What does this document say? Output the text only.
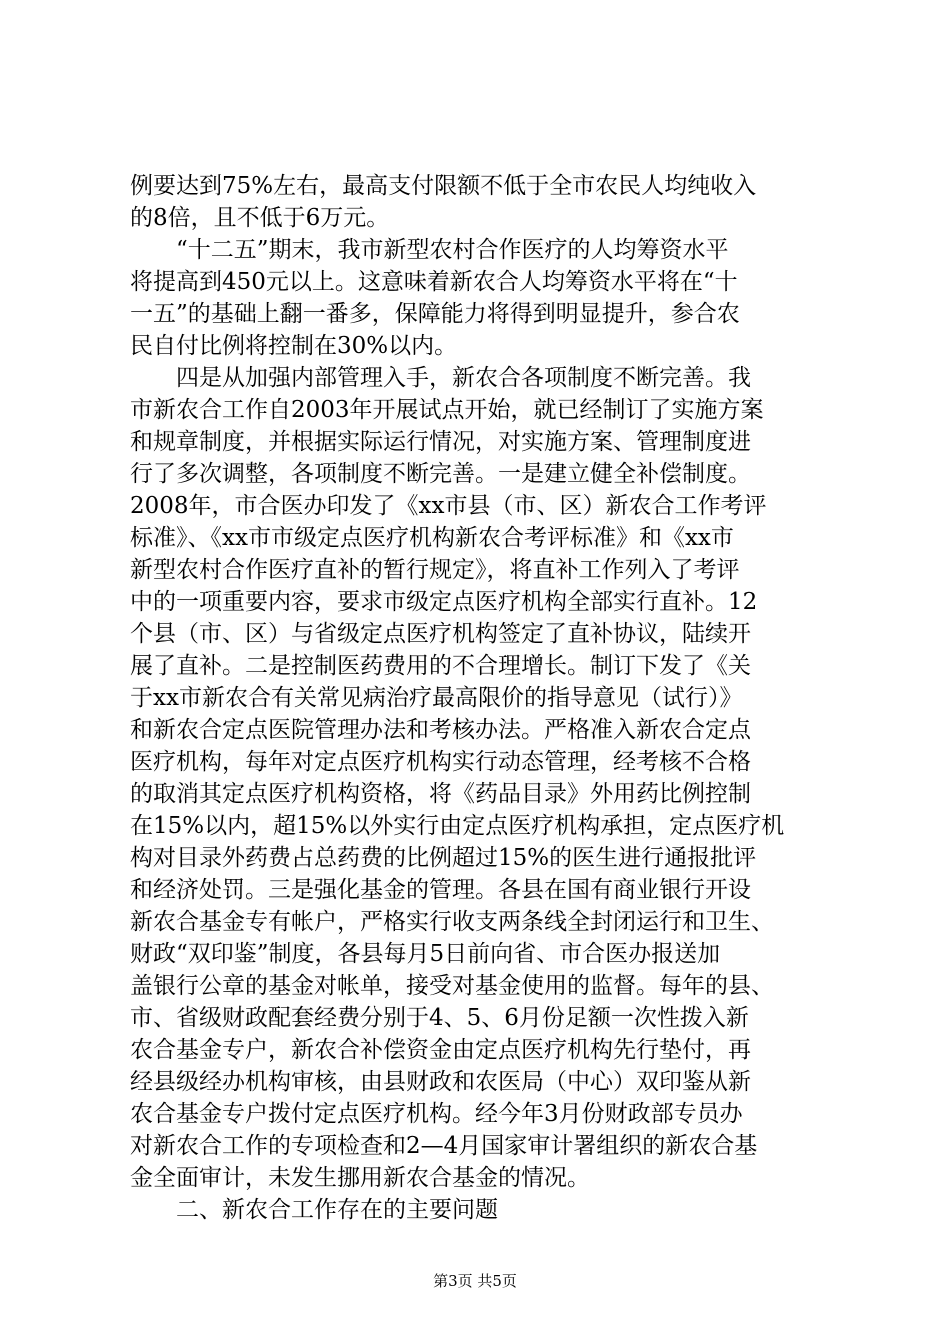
例要达到75%左右，最高支付限额不低于全市农民人均纯收入
的8倍，且不低于6万元。
“十二五”期末，我市新型农村合作医疗的人均筹资水平
将提高到450元以上。这意味着新农合人均筹资水平将在“十
一五”的基础上翻一番多，保障能力将得到明显提升，参合农
民自付比例将控制在30%以内。
四是从加强内部管理入手，新农合各项制度不断完善。我
市新农合工作自2003年开展试点开始，就已经制订了实施方案
和规章制度，并根据实际运行情况，对实施方案、管理制度进
行了多次调整，各项制度不断完善。一是建立健全补偿制度。
2008年，市合医办印发了《xx市县（市、区）新农合工作考评
标准》、《xx市市级定点医疗机构新农合考评标准》和《xx市
新型农村合作医疗直补的暂行规定》，将直补工作列入了考评
中的一项重要内容，要求市级定点医疗机构全部实行直补。12
个县（市、区）与省级定点医疗机构签定了直补协议，陆续开
展了直补。二是控制医药费用的不合理增长。制订下发了《关
于xx市新农合有关常见病治疗最高限价的指导意见（试行）》
和新农合定点医院管理办法和考核办法。严格准入新农合定点
医疗机构，每年对定点医疗机构实行动态管理，经考核不合格
的取消其定点医疗机构资格，将《药品目录》外用药比例控制
在15%以内，超15%以外实行由定点医疗机构承担，定点医疗机
构对目录外药费占总药费的比例超过15%的医生进行通报批评
和经济处罚。三是强化基金的管理。各县在国有商业银行开设
新农合基金专有帐户，严格实行收支两条线全封闭运行和卫生、
财政“双印鉴”制度，各县每月5日前向省、市合医办报送加
盖银行公章的基金对帐单，接受对基金使用的监督。每年的县、
市、省级财政配套经费分别于4、5、6月份足额一次性拨入新
农合基金专户，新农合补偿资金由定点医疗机构先行垫付，再
经县级经办机构审核，由县财政和农医局（中心）双印鉴从新
农合基金专户拨付定点医疗机构。经今年3月份财政部专员办
对新农合工作的专项检查和2—4月国家审计署组织的新农合基
金全面审计，未发生挪用新农合基金的情况。
二、新农合工作存在的主要问题
第3页 共5页
